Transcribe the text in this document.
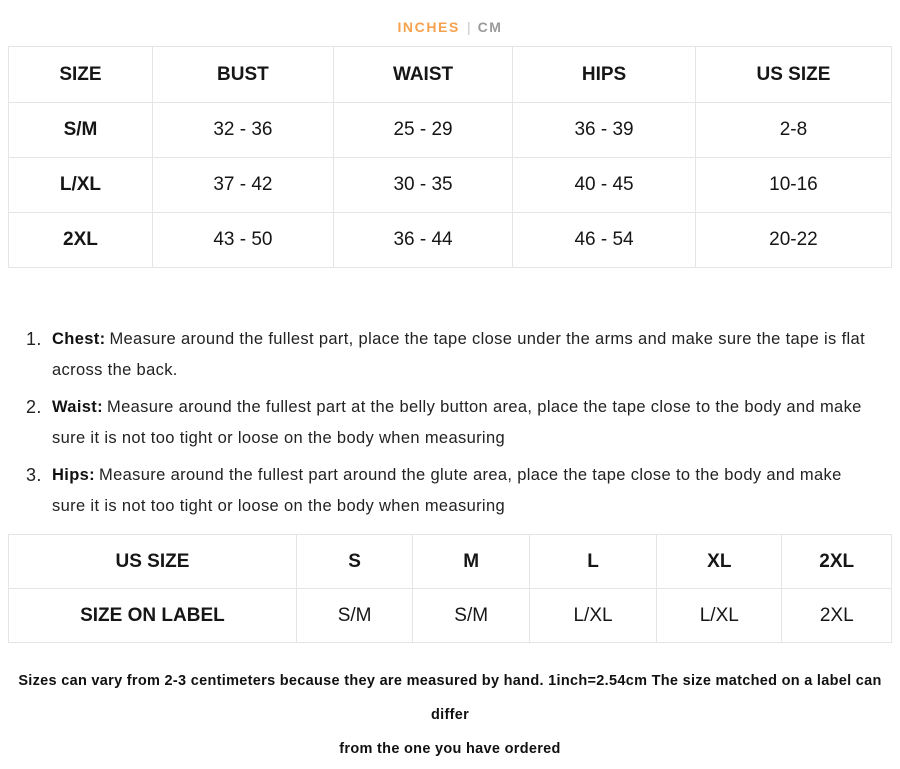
INCHES | CM
SIZE	BUST	WAIST	HIPS	US SIZE
S/M	32 - 36	25 - 29	36 - 39	2-8
L/XL	37 - 42	30 - 35	40 - 45	10-16
2XL	43 - 50	36 - 44	46 - 54	20-22
1. Chest: Measure around the fullest part, place the tape close under the arms and make sure the tape is flat across the back.
2. Waist: Measure around the fullest part at the belly button area, place the tape close to the body and make sure it is not too tight or loose on the body when measuring
3. Hips: Measure around the fullest part around the glute area, place the tape close to the body and make sure it is not too tight or loose on the body when measuring
US SIZE	S	M	L	XL	2XL
SIZE ON LABEL	S/M	S/M	L/XL	L/XL	2XL
Sizes can vary from 2-3 centimeters because they are measured by hand. 1inch=2.54cm The size matched on a label can differ
from the one you have ordered
